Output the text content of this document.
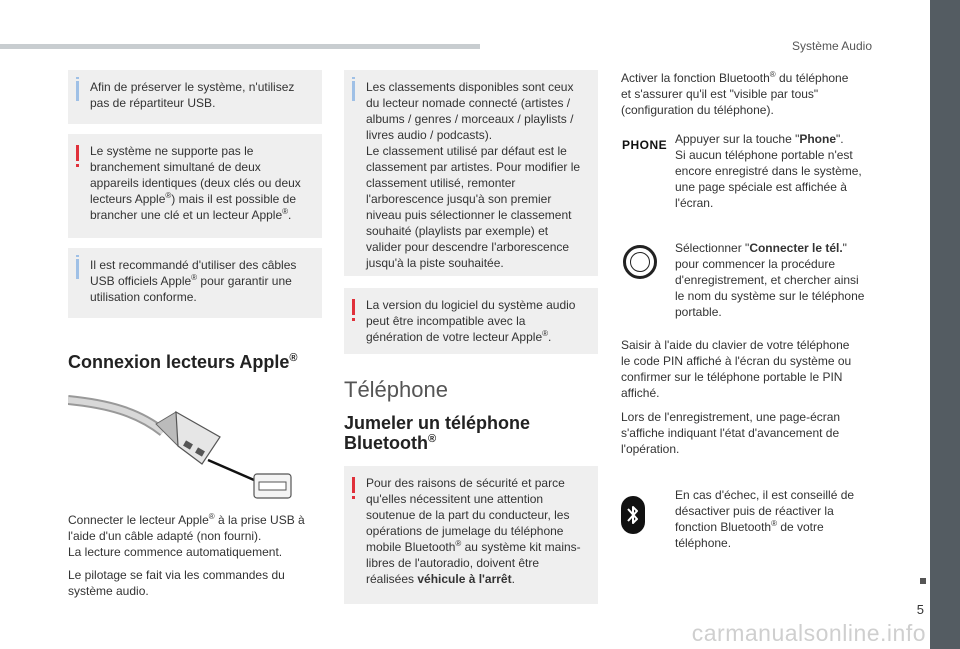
Système Audio
5
carmanualsonline.info
Afin de préserver le système, n'utilisez pas de répartiteur USB.
Le système ne supporte pas le branchement simultané de deux appareils identiques (deux clés ou deux lecteurs Apple®) mais il est possible de brancher une clé et un lecteur Apple®.
Il est recommandé d'utiliser des câbles USB officiels Apple® pour garantir une utilisation conforme.
Connexion lecteurs Apple®
Connecter le lecteur Apple® à la prise USB à l'aide d'un câble adapté (non fourni).
La lecture commence automatiquement.
Le pilotage se fait via les commandes du système audio.
Les classements disponibles sont ceux du lecteur nomade connecté (artistes / albums / genres / morceaux / playlists / livres audio / podcasts).
Le classement utilisé par défaut est le classement par artistes. Pour modifier le classement utilisé, remonter l'arborescence jusqu'à son premier niveau puis sélectionner le classement souhaité (playlists par exemple) et valider pour descendre l'arborescence jusqu'à la piste souhaitée.
La version du logiciel du système audio peut être incompatible avec la génération de votre lecteur Apple®.
Téléphone
Jumeler un téléphone
Bluetooth®
Pour des raisons de sécurité et parce qu'elles nécessitent une attention soutenue de la part du conducteur, les opérations de jumelage du téléphone mobile Bluetooth® au système kit mains-libres de l'autoradio, doivent être réalisées véhicule à l'arrêt.
Activer la fonction Bluetooth® du téléphone et s'assurer qu'il est "visible par tous" (configuration du téléphone).
PHONE Appuyer sur la touche "Phone".
Si aucun téléphone portable n'est encore enregistré dans le système, une page spéciale est affichée à l'écran.
Sélectionner "Connecter le tél."
pour commencer la procédure d'enregistrement, et chercher ainsi le nom du système sur le téléphone portable.
Saisir à l'aide du clavier de votre téléphone le code PIN affiché à l'écran du système ou confirmer sur le téléphone portable le PIN affiché.
Lors de l'enregistrement, une page-écran s'affiche indiquant l'état d'avancement de l'opération.
En cas d'échec, il est conseillé de désactiver puis de réactiver la fonction Bluetooth® de votre téléphone.
